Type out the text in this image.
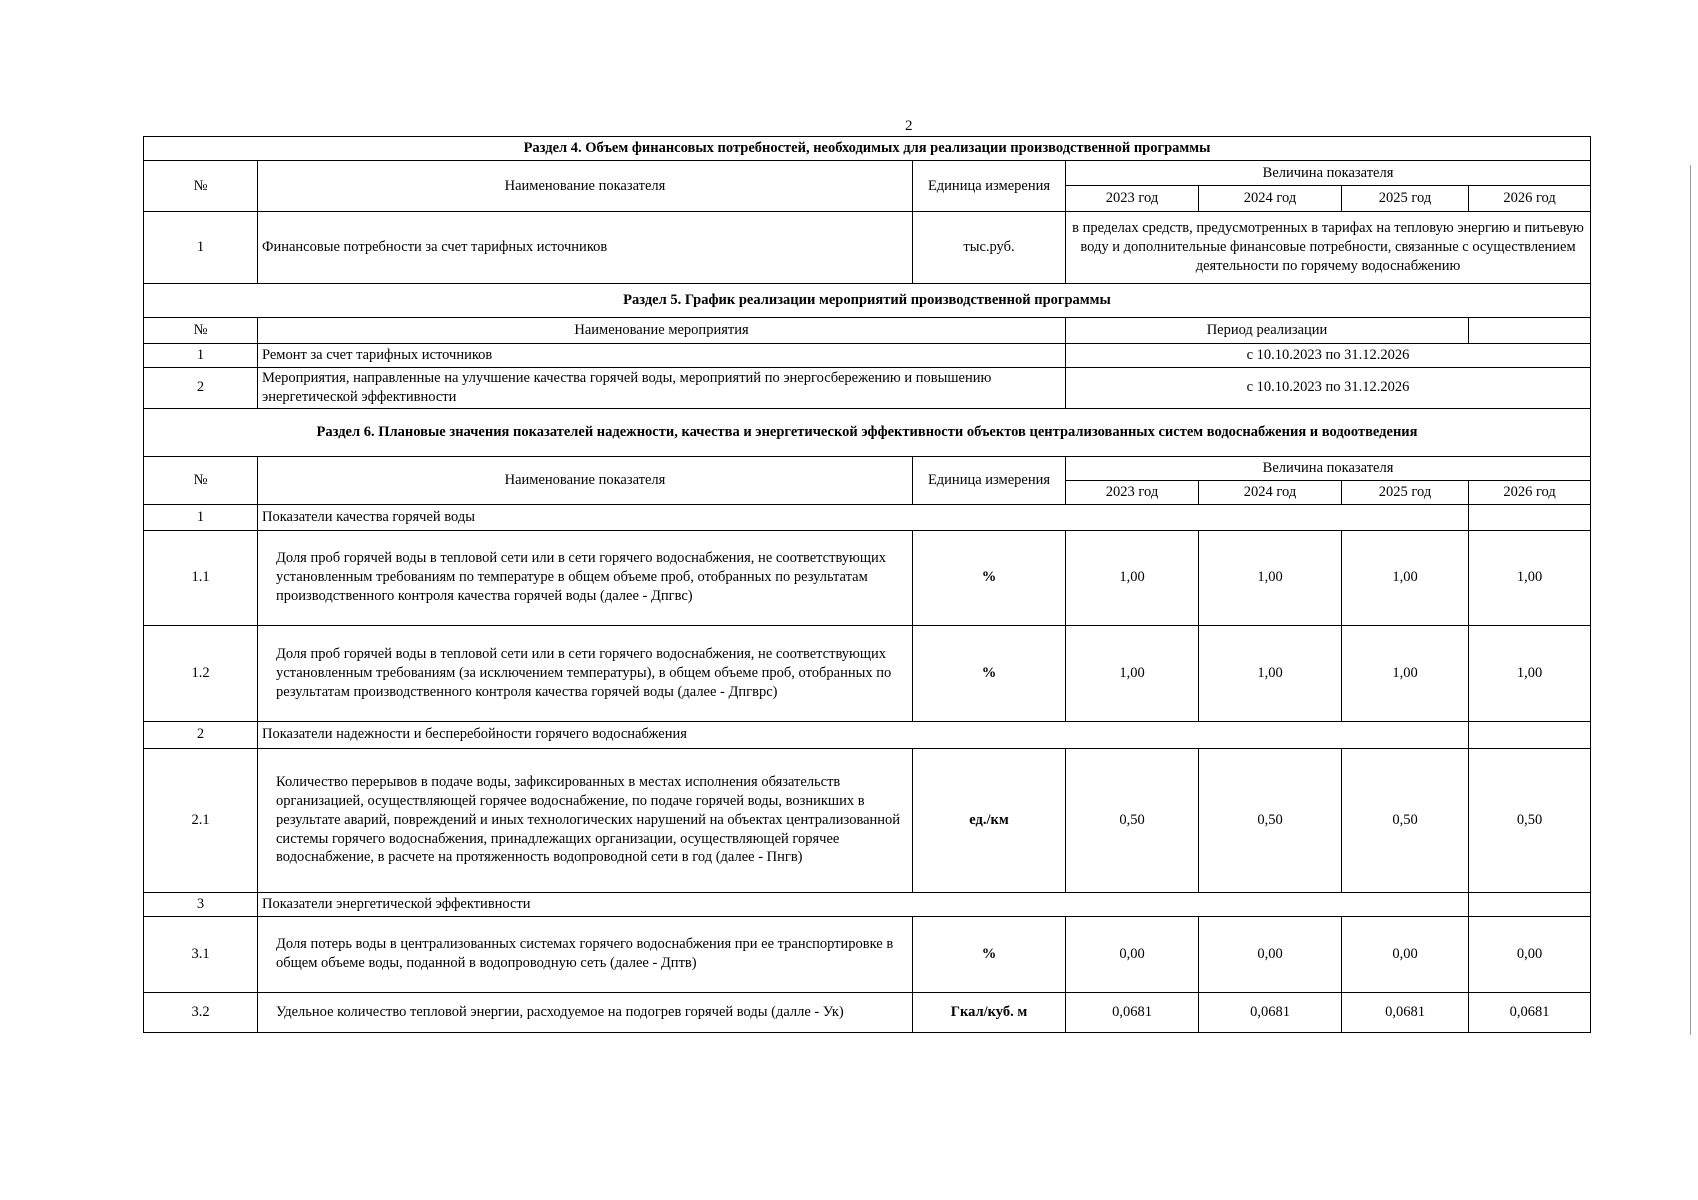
2
Раздел 4. Объем финансовых потребностей, необходимых для реализации производственной программы						
№	Наименование показателя	Единица измерения	Величина показателя			
			2023 год	2024 год	2025 год	2026 год
1	Финансовые потребности за счет тарифных источников	тыс.руб.	в пределах средств, предусмотренных в тарифах на тепловую энергию и питьевую воду и дополнительные финансовые потребности, связанные с осуществлением деятельности по горячему водоснабжению			
Раздел 5. График реализации мероприятий производственной программы						
№	Наименование мероприятия		Период реализации			
1	Ремонт за счет тарифных источников		с 10.10.2023 по 31.12.2026			
2	Мероприятия, направленные на улучшение качества горячей воды, мероприятий по энергосбережению и повышению энергетической эффективности		с 10.10.2023 по 31.12.2026			
Раздел 6. Плановые значения показателей надежности, качества и энергетической эффективности объектов централизованных систем водоснабжения и водоотведения						
№	Наименование показателя	Единица измерения	Величина показателя			
			2023 год	2024 год	2025 год	2026 год
1	Показатели качества горячей воды					
1.1	Доля проб горячей воды в тепловой сети или в сети горячего водоснабжения, не соответствующих установленным требованиям по температуре в общем объеме проб, отобранных по результатам производственного контроля качества горячей воды (далее - Дпгвс)	%	1,00	1,00	1,00	1,00
1.2	Доля проб горячей воды в тепловой сети или в сети горячего водоснабжения, не соответствующих установленным требованиям (за исключением температуры), в общем объеме проб, отобранных по результатам производственного контроля качества горячей воды (далее - Дпгврс)	%	1,00	1,00	1,00	1,00
2	Показатели надежности и бесперебойности горячего водоснабжения					
2.1	Количество перерывов в подаче воды, зафиксированных в местах исполнения обязательств организацией, осуществляющей горячее водоснабжение, по подаче горячей воды, возникших в результате аварий, повреждений и иных технологических нарушений на объектах централизованной системы горячего водоснабжения, принадлежащих организации, осуществляющей горячее водоснабжение, в расчете на протяженность водопроводной сети в год (далее - Пнгв)	ед./км	0,50	0,50	0,50	0,50
3	Показатели энергетической эффективности					
3.1	Доля потерь воды в централизованных системах горячего водоснабжения при ее транспортировке в общем объеме воды, поданной в водопроводную сеть (далее - Дптв)	%	0,00	0,00	0,00	0,00
3.2	Удельное количество тепловой энергии, расходуемое на подогрев горячей воды (далле - Ук)	Гкал/куб. м	0,0681	0,0681	0,0681	0,0681
